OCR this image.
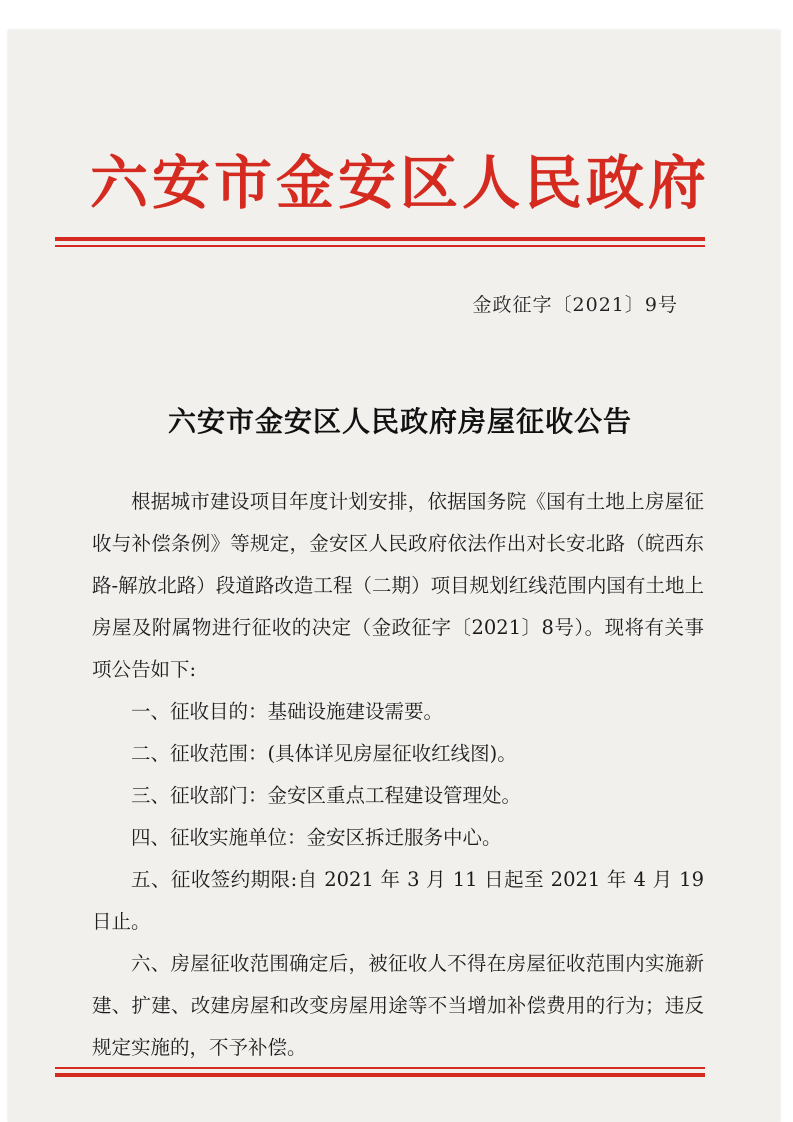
六安市金安区人民政府
金政征字〔2021〕9号
六安市金安区人民政府房屋征收公告

根据城市建设项目年度计划安排，依据国务院《国有土地上房屋征收与补偿条例》等规定，金安区人民政府依法作出对长安北路（皖西东路-解放北路）段道路改造工程（二期）项目规划红线范围内国有土地上房屋及附属物进行征收的决定（金政征字〔2021〕8号）。现将有关事项公告如下:

一、征收目的：基础设施建设需要。

二、征收范围：(具体详见房屋征收红线图)。

三、征收部门：金安区重点工程建设管理处。

四、征收实施单位：金安区拆迁服务中心。

五、征收签约期限:自 2021 年 3 月 11 日起至 2021 年 4 月 19 日止。

六、房屋征收范围确定后，被征收人不得在房屋征收范围内实施新建、扩建、改建房屋和改变房屋用途等不当增加补偿费用的行为；违反规定实施的，不予补偿。
